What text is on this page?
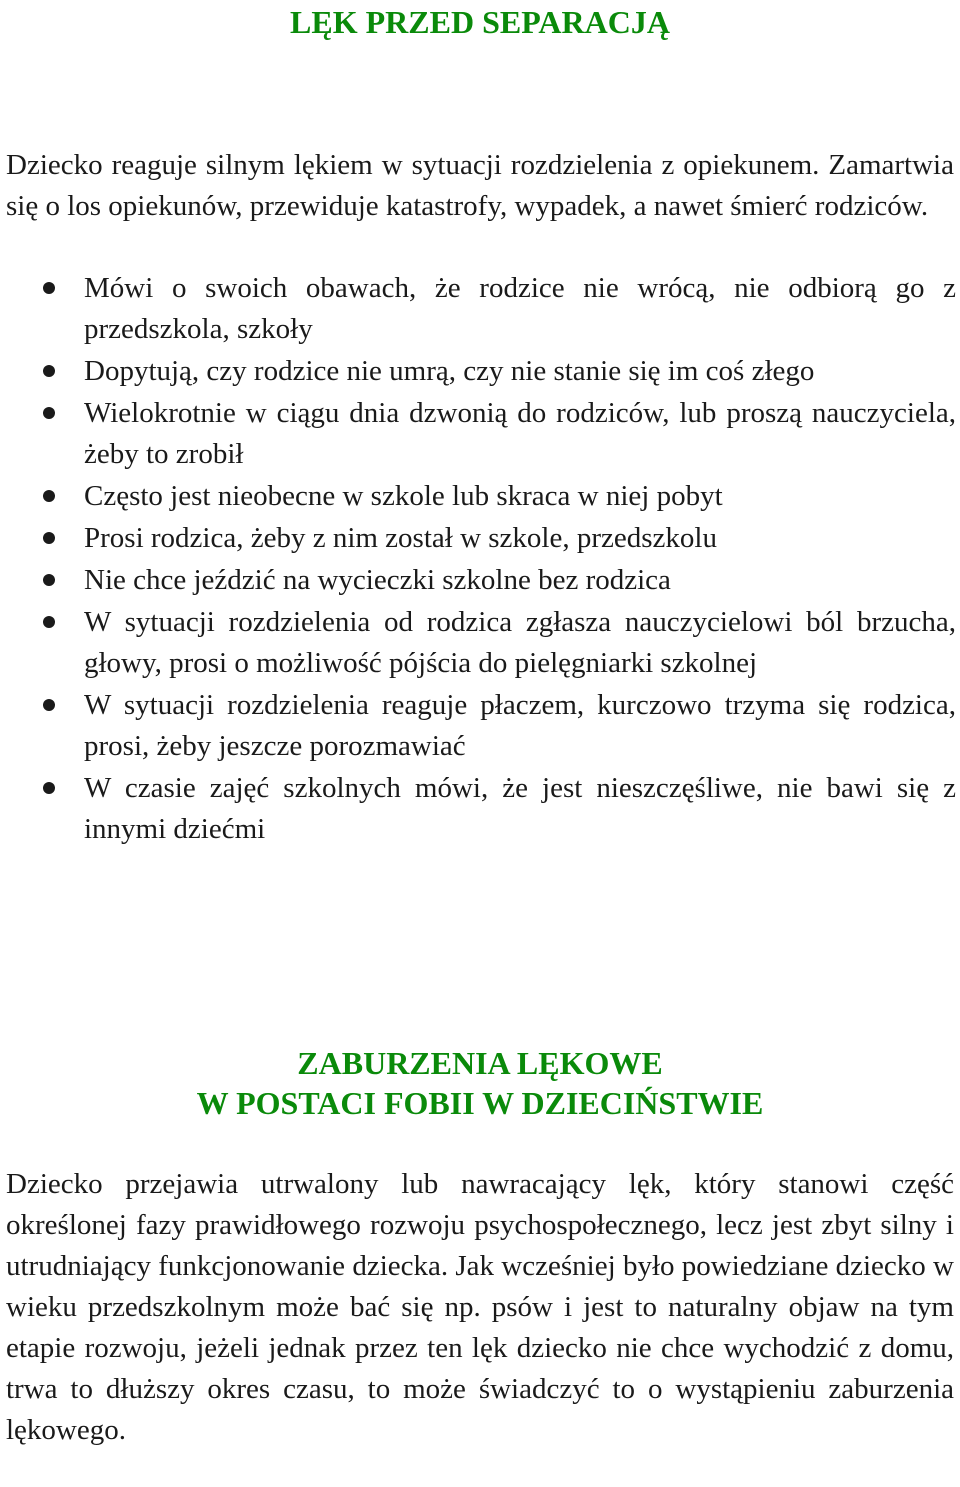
LĘK PRZED SEPARACJĄ

Dziecko reaguje silnym lękiem w sytuacji rozdzielenia z opiekunem. Zamartwia się o los opiekunów, przewiduje katastrofy, wypadek, a nawet śmierć rodziców.

Mówi o swoich obawach, że rodzice nie wrócą, nie odbiorą go z przedszkola, szkoły
Dopytują, czy rodzice nie umrą, czy nie stanie się im coś złego
Wielokrotnie w ciągu dnia dzwonią do rodziców, lub proszą nauczyciela, żeby to zrobił
Często jest nieobecne w szkole lub skraca w niej pobyt
Prosi rodzica, żeby z nim został w szkole, przedszkolu
Nie chce jeździć na wycieczki szkolne bez rodzica
W sytuacji rozdzielenia od rodzica zgłasza nauczycielowi ból brzucha, głowy, prosi o możliwość pójścia do pielęgniarki szkolnej
W sytuacji rozdzielenia reaguje płaczem, kurczowo trzyma się rodzica, prosi, żeby jeszcze porozmawiać
W czasie zajęć szkolnych mówi, że jest nieszczęśliwe, nie bawi się z innymi dziećmi
ZABURZENIA LĘKOWE
W POSTACI FOBII W DZIECIŃSTWIE

Dziecko przejawia utrwalony lub nawracający lęk, który stanowi część określonej fazy prawidłowego rozwoju psychospołecznego, lecz jest zbyt silny i utrudniający funkcjonowanie dziecka. Jak wcześniej było powiedziane dziecko w wieku przedszkolnym może bać się np. psów i jest to naturalny objaw na tym etapie rozwoju, jeżeli jednak przez ten lęk dziecko nie chce wychodzić z domu, trwa to dłuższy okres czasu, to może świadczyć to o wystąpieniu zaburzenia lękowego.
